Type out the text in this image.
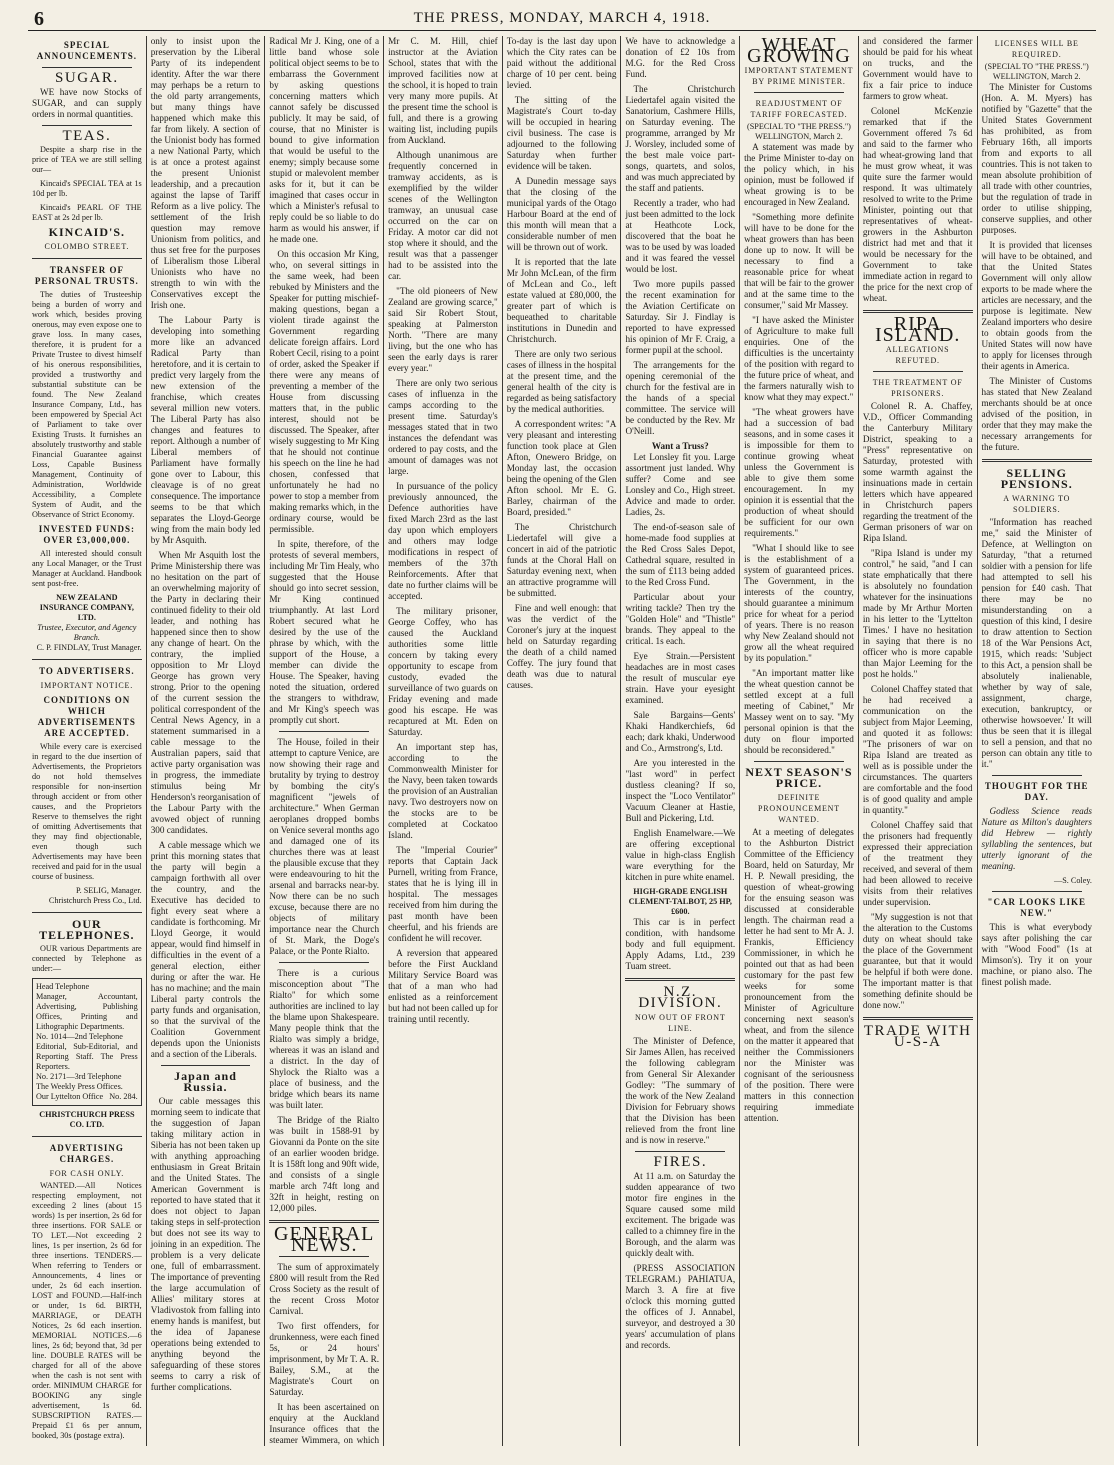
6	THE PRESS, MONDAY, MARCH 4, 1918.
SPECIAL ANNOUNCEMENTS.
SUGAR.

WE have now Stocks of SUGAR, and can supply orders in normal quantities.

TEAS.

Despite a sharp rise in the price of TEA we are still selling our—

Kincaid's SPECIAL TEA at 1s 10d per lb.

Kincaid's PEARL OF THE EAST at 2s 2d per lb.

KINCAID'S.
COLOMBO STREET.
TRANSFER OF PERSONAL TRUSTS.

The duties of Trusteeship being a burden of worry and work which, besides proving onerous, may even expose one to grave loss. In many cases, therefore, it is prudent for a Private Trustee to divest himself of his onerous responsibilities, provided a trustworthy and substantial substitute can be found. The New Zealand Insurance Company, Ltd., has been empowered by Special Act of Parliament to take over Existing Trusts. It furnishes an absolutely trustworthy and stable Financial Guarantee against Loss, Capable Business Management, Continuity of Administration, Worldwide Accessibility, a Complete System of Audit, and the Observance of Strict Economy.

INVESTED FUNDS: OVER £3,000,000.

All interested should consult any Local Manager, or the Trust Manager at Auckland. Handbook sent post-free.

NEW ZEALAND INSURANCE COMPANY, LTD.
Trustee, Executor, and Agency Branch.
C. P. FINDLAY, Trust Manager.
TO ADVERTISERS.
IMPORTANT NOTICE.
CONDITIONS ON WHICH ADVERTISEMENTS ARE ACCEPTED.

While every care is exercised in regard to the due insertion of Advertisements, the Proprietors do not hold themselves responsible for non-insertion through accident or from other causes, and the Proprietors Reserve to themselves the right of omitting Advertisements that they may find objectionable, even though such Advertisements may have been received and paid for in the usual course of business.

P. SELIG, Manager. Christchurch Press Co., Ltd.
OUR TELEPHONES.

OUR various Departments are connected by Telephone as under:—

Head Telephone
Manager, Accountant, Advertising, Publishing Offices, Printing and Lithographic Departments.
No. 1014—2nd Telephone
Editorial, Sub-Editorial, and Reporting Staff. The Press Reporters.
No. 2171—3rd Telephone
The Weekly Press Offices.
Our Lyttelton Office No. 284.
CHRISTCHURCH PRESS CO. LTD.
ADVERTISING CHARGES.
FOR CASH ONLY.

WANTED.—All Notices respecting employment, not exceeding 2 lines (about 15 words) 1s per insertion, 2s 6d for three insertions. FOR SALE or TO LET.—Not exceeding 2 lines, 1s per insertion, 2s 6d for three insertions. TENDERS.—When referring to Tenders or Announcements, 4 lines or under, 2s 6d each insertion. LOST and FOUND.—Half-inch or under, 1s 6d. BIRTH, MARRIAGE, or DEATH Notices, 2s 6d each insertion. MEMORIAL NOTICES.—6 lines, 2s 6d; beyond that, 3d per line. DOUBLE RATES will be charged for all of the above when the cash is not sent with order. MINIMUM CHARGE for BOOKING any single advertisement, 1s 6d. SUBSCRIPTION RATES.—Prepaid £1 6s per annum, booked, 30s (postage extra).

only to insist upon the preservation by the Liberal Party of its independent identity. After the war there may perhaps be a return to the old party arrangements, but many things have happened which make this far from likely. A section of the Unionist body has formed a new National Party, which is at once a protest against the present Unionist leadership, and a precaution against the lapse of Tariff Reform as a live policy. The settlement of the Irish question may remove Unionism from politics, and thus set free for the purposes of Liberalism those Liberal Unionists who have no strength to win with the Conservatives except the Irish one.

The Labour Party is developing into something more like an advanced Radical Party than heretofore, and it is certain to predict very largely from the new extension of the franchise, which creates several million new voters. The Liberal Party has also changes and features to report. Although a number of Liberal members of Parliament have formally gone over to Labour, this cleavage is of no great consequence. The importance seems to be that which separates the Lloyd-George wing from the main body led by Mr Asquith.

When Mr Asquith lost the Prime Ministership there was no hesitation on the part of an overwhelming majority of the Party in declaring their continued fidelity to their old leader, and nothing has happened since then to show any change of heart. On the contrary, the implied opposition to Mr Lloyd George has grown very strong. Prior to the opening of the current session the political correspondent of the Central News Agency, in a statement summarised in a cable message to the Australian papers, said that active party organisation was in progress, the immediate stimulus being Mr Henderson's reorganisation of the Labour Party with the avowed object of running 300 candidates.

A cable message which we print this morning states that the party will begin a campaign forthwith all over the country, and the Executive has decided to fight every seat where a candidate is forthcoming. Mr Lloyd George, it would appear, would find himself in difficulties in the event of a general election, either during or after the war. He has no machine; and the main Liberal party controls the party funds and organisation, so that the survival of the Coalition Government depends upon the Unionists and a section of the Liberals.

Japan and Russia.

Our cable messages this morning seem to indicate that the suggestion of Japan taking military action in Siberia has not been taken up with anything approaching enthusiasm in Great Britain and the United States. The American Government is reported to have stated that it does not object to Japan taking steps in self-protection but does not see its way to joining in an expedition. The problem is a very delicate one, full of embarrassment. The importance of preventing the large accumulation of Allies' military stores at Vladivostok from falling into enemy hands is manifest, but the idea of Japanese operations being extended to anything beyond the safeguarding of these stores seems to carry a risk of further complications.

Radical Mr J. King, one of a little band whose sole political object seems to be to embarrass the Government by asking questions concerning matters which cannot safely be discussed publicly. It may be said, of course, that no Minister is bound to give information that would be useful to the enemy; simply because some stupid or malevolent member asks for it, but it can be imagined that cases occur in which a Minister's refusal to reply could be so liable to do harm as would his answer, if he made one.

On this occasion Mr King, who, on several sittings in the same week, had been rebuked by Ministers and the Speaker for putting mischief-making questions, began a violent tirade against the Government regarding delicate foreign affairs. Lord Robert Cecil, rising to a point of order, asked the Speaker if there were any means of preventing a member of the House from discussing matters that, in the public interest, should not be discussed. The Speaker, after wisely suggesting to Mr King that he should not continue his speech on the line he had chosen, confessed that unfortunately he had no power to stop a member from making remarks which, in the ordinary course, would be permissible.

In spite, therefore, of the protests of several members, including Mr Tim Healy, who suggested that the House should go into secret session, Mr King continued triumphantly. At last Lord Robert secured what he desired by the use of the phrase by which, with the support of the House, a member can divide the House. The Speaker, having noted the situation, ordered the strangers to withdraw, and Mr King's speech was promptly cut short.

The House, foiled in their attempt to capture Venice, are now showing their rage and brutality by trying to destroy by bombing the city's magnificent "jewels of architecture." When German aeroplanes dropped bombs on Venice several months ago and damaged one of its churches there was at least the plausible excuse that they were endeavouring to hit the arsenal and barracks near-by. Now there can be no such excuse, because there are no objects of military importance near the Church of St. Mark, the Doge's Palace, or the Ponte Rialto.

There is a curious misconception about "The Rialto" for which some authorities are inclined to lay the blame upon Shakespeare. Many people think that the Rialto was simply a bridge, whereas it was an island and a district. In the day of Shylock the Rialto was a place of business, and the bridge which bears its name was built later.

The Bridge of the Rialto was built in 1588-91 by Giovanni da Ponte on the site of an earlier wooden bridge. It is 158ft long and 90ft wide, and consists of a single marble arch 74ft long and 32ft in height, resting on 12,000 piles.

GENERAL NEWS.

The sum of approximately £800 will result from the Red Cross Society as the result of the recent Cross Motor Carnival.

Two first offenders, for drunkenness, were each fined 5s, or 24 hours' imprisonment, by Mr T. A. R. Bailey, S.M., at the Magistrate's Court on Saturday.

It has been ascertained on enquiry at the Auckland Insurance offices that the steamer Wimmera, on which

Mr C. M. Hill, chief instructor at the Aviation School, states that with the improved facilities now at the school, it is hoped to train very many more pupils. At the present time the school is full, and there is a growing waiting list, including pupils from Auckland.

Although unanimous are frequently concerned in tramway accidents, as is exemplified by the wilder scenes of the Wellington tramway, an unusual case occurred on the car on Friday. A motor car did not stop where it should, and the result was that a passenger had to be assisted into the car.

"The old pioneers of New Zealand are growing scarce," said Sir Robert Stout, speaking at Palmerston North. "There are many living, but the one who has seen the early days is rarer every year."

There are only two serious cases of influenza in the camps according to the present time. Saturday's messages stated that in two instances the defendant was ordered to pay costs, and the amount of damages was not large.

In pursuance of the policy previously announced, the Defence authorities have fixed March 23rd as the last day upon which employers and others may lodge modifications in respect of members of the 37th Reinforcements. After that date no further claims will be accepted.

The military prisoner, George Coffey, who has caused the Auckland authorities some little concern by taking every opportunity to escape from custody, evaded the surveillance of two guards on Friday evening and made good his escape. He was recaptured at Mt. Eden on Saturday.

An important step has, according to the Commonwealth Minister for the Navy, been taken towards the provision of an Australian navy. Two destroyers now on the stocks are to be completed at Cockatoo Island.

The "Imperial Courier" reports that Captain Jack Purnell, writing from France, states that he is lying ill in hospital. The messages received from him during the past month have been cheerful, and his friends are confident he will recover.

A reversion that appeared before the First Auckland Military Service Board was that of a man who had enlisted as a reinforcement but had not been called up for training until recently.

To-day is the last day upon which the City rates can be paid without the additional charge of 10 per cent. being levied.

The sitting of the Magistrate's Court to-day will be occupied in hearing civil business. The case is adjourned to the following Saturday when further evidence will be taken.

A Dunedin message says that the closing of the municipal yards of the Otago Harbour Board at the end of this month will mean that a considerable number of men will be thrown out of work.

It is reported that the late Mr John McLean, of the firm of McLean and Co., left estate valued at £80,000, the greater part of which is bequeathed to charitable institutions in Dunedin and Christchurch.

There are only two serious cases of illness in the hospital at the present time, and the general health of the city is regarded as being satisfactory by the medical authorities.

A correspondent writes: "A very pleasant and interesting function took place at Glen Afton, Onewero Bridge, on Monday last, the occasion being the opening of the Glen Afton school. Mr E. G. Barley, chairman of the Board, presided."

The Christchurch Liedertafel will give a concert in aid of the patriotic funds at the Choral Hall on Saturday evening next, when an attractive programme will be submitted.

Fine and well enough: that was the verdict of the Coroner's jury at the inquest held on Saturday regarding the death of a child named Coffey. The jury found that death was due to natural causes.

We have to acknowledge a donation of £2 10s from M.G. for the Red Cross Fund.

The Christchurch Liedertafel again visited the Sanatorium, Cashmere Hills, on Saturday evening. The programme, arranged by Mr J. Worsley, included some of the best male voice part-songs, quartets, and solos, and was much appreciated by the staff and patients.

Recently a trader, who had just been admitted to the lock at Heathcote Lock, discovered that the boat he was to be used by was loaded and it was feared the vessel would be lost.

Two more pupils passed the recent examination for the Aviation Certificate on Saturday. Sir J. Findlay is reported to have expressed his opinion of Mr F. Craig, a former pupil at the school.

The arrangements for the opening ceremonial of the church for the festival are in the hands of a special committee. The service will be conducted by the Rev. Mr O'Neill.

Want a Truss?

Let Lonsley fit you. Large assortment just landed. Why suffer? Come and see Lonsley and Co., High street. Advice and made to order. Ladies, 2s.

The end-of-season sale of home-made food supplies at the Red Cross Sales Depot, Cathedral square, resulted in the sum of £113 being added to the Red Cross Fund.

Particular about your writing tackle? Then try the "Golden Hole" and "Thistle" brands. They appeal to the critical. 1s each.

Eye Strain.—Persistent headaches are in most cases the result of muscular eye strain. Have your eyesight examined.

Sale Bargains—Gents' Khaki Handkerchiefs, 6d each; dark khaki, Underwood and Co., Armstrong's, Ltd.

Are you interested in the "last word" in perfect dustless cleaning? If so, inspect the "Loco Ventilator" Vacuum Cleaner at Hastie, Bull and Pickering, Ltd.

English Enamelware.—We are offering exceptional value in high-class English ware everything for the kitchen in pure white enamel.

HIGH-GRADE ENGLISH CLEMENT-TALBOT, 25 HP, £600.

This car is in perfect condition, with handsome body and full equipment. Apply Adams, Ltd., 239 Tuam street.

N.Z. DIVISION.
NOW OUT OF FRONT LINE.

The Minister of Defence, Sir James Allen, has received the following cablegram from General Sir Alexander Godley: "The summary of the work of the New Zealand Division for February shows that the Division has been relieved from the front line and is now in reserve."

FIRES.

At 11 a.m. on Saturday the sudden appearance of two motor fire engines in the Square caused some mild excitement. The brigade was called to a chimney fire in the Borough, and the alarm was quickly dealt with.

(PRESS ASSOCIATION TELEGRAM.) PAHIATUA, March 3. A fire at five o'clock this morning gutted the offices of J. Annabel, surveyor, and destroyed a 30 years' accumulation of plans and records.

WHEAT GROWING
IMPORTANT STATEMENT BY PRIME MINISTER.
READJUSTMENT OF TARIFF FORECASTED.
(SPECIAL TO "THE PRESS.") WELLINGTON, March 2.

A statement was made by the Prime Minister to-day on the policy which, in his opinion, must be followed if wheat growing is to be encouraged in New Zealand.

"Something more definite will have to be done for the wheat growers than has been done up to now. It will be necessary to find a reasonable price for wheat that will be fair to the grower and at the same time to the consumer," said Mr Massey.

"I have asked the Minister of Agriculture to make full enquiries. One of the difficulties is the uncertainty of the position with regard to the future price of wheat, and the farmers naturally wish to know what they may expect."

"The wheat growers have had a succession of bad seasons, and in some cases it is impossible for them to continue growing wheat unless the Government is able to give them some encouragement. In my opinion it is essential that the production of wheat should be sufficient for our own requirements."

"What I should like to see is the establishment of a system of guaranteed prices. The Government, in the interests of the country, should guarantee a minimum price for wheat for a period of years. There is no reason why New Zealand should not grow all the wheat required by its population."

"An important matter like the wheat question cannot be settled except at a full meeting of Cabinet," Mr Massey went on to say. "My personal opinion is that the duty on flour imported should be reconsidered."

NEXT SEASON'S PRICE.
DEFINITE PRONOUNCEMENT WANTED.

At a meeting of delegates to the Ashburton District Committee of the Efficiency Board, held on Saturday, Mr H. P. Newall presiding, the question of wheat-growing for the ensuing season was discussed at considerable length. The chairman read a letter he had sent to Mr A. J. Frankis, Efficiency Commissioner, in which he pointed out that as had been customary for the past few weeks for some pronouncement from the Minister of Agriculture concerning next season's wheat, and from the silence on the matter it appeared that neither the Commissioners nor the Minister was cognisant of the seriousness of the position. There were matters in this connection requiring immediate attention.

and considered the farmer should be paid for his wheat on trucks, and the Government would have to fix a fair price to induce farmers to grow wheat.

Colonel McKenzie remarked that if the Government offered 7s 6d and said to the farmer who had wheat-growing land that he must grow wheat, it was quite sure the farmer would respond. It was ultimately resolved to write to the Prime Minister, pointing out that representatives of wheat-growers in the Ashburton district had met and that it would be necessary for the Government to take immediate action in regard to the price for the next crop of wheat.

RIPA ISLAND.
ALLEGATIONS REFUTED.
THE TREATMENT OF PRISONERS.

Colonel R. A. Chaffey, V.D., Officer Commanding the Canterbury Military District, speaking to a "Press" representative on Saturday, protested with some warmth against the insinuations made in certain letters which have appeared in Christchurch papers regarding the treatment of the German prisoners of war on Ripa Island.

"Ripa Island is under my control," he said, "and I can state emphatically that there is absolutely no foundation whatever for the insinuations made by Mr Arthur Morten in his letter to the 'Lyttelton Times.' I have no hesitation in saying that there is no officer who is more capable than Major Leeming for the post he holds."

Colonel Chaffey stated that he had received a communication on the subject from Major Leeming, and quoted it as follows: "The prisoners of war on Ripa Island are treated as well as is possible under the circumstances. The quarters are comfortable and the food is of good quality and ample in quantity."

Colonel Chaffey said that the prisoners had frequently expressed their appreciation of the treatment they received, and several of them had been allowed to receive visits from their relatives under supervision.

"My suggestion is not that the alteration to the Customs duty on wheat should take the place of the Government guarantee, but that it would be helpful if both were done. The important matter is that something definite should be done now."

TRADE WITH U-S-A
LICENSES WILL BE REQUIRED.
(SPECIAL TO "THE PRESS.") WELLINGTON, March 2.

The Minister for Customs (Hon. A. M. Myers) has notified by "Gazette" that the United States Government has prohibited, as from February 16th, all imports from and exports to all countries. This is not taken to mean absolute prohibition of all trade with other countries, but the regulation of trade in order to utilise shipping, conserve supplies, and other purposes.

It is provided that licenses will have to be obtained, and that the United States Government will only allow exports to be made where the articles are necessary, and the purpose is legitimate. New Zealand importers who desire to obtain goods from the United States will now have to apply for licenses through their agents in America.

The Minister of Customs has stated that New Zealand merchants should be at once advised of the position, in order that they may make the necessary arrangements for the future.

SELLING PENSIONS.
A WARNING TO SOLDIERS.

"Information has reached me," said the Minister of Defence, at Wellington on Saturday, "that a returned soldier with a pension for life had attempted to sell his pension for £40 cash. That there may be no misunderstanding on a question of this kind, I desire to draw attention to Section 18 of the War Pensions Act, 1915, which reads: 'Subject to this Act, a pension shall be absolutely inalienable, whether by way of sale, assignment, charge, execution, bankruptcy, or otherwise howsoever.' It will thus be seen that it is illegal to sell a pension, and that no person can obtain any title to it."

THOUGHT FOR THE DAY.

Godless Science reads Nature as Milton's daughters did Hebrew — rightly syllabling the sentences, but utterly ignorant of the meaning.

—S. Coley.
"CAR LOOKS LIKE NEW."

This is what everybody says after polishing the car with "Wood Food" (1s at Mimson's). Try it on your machine, or piano also. The finest polish made.
